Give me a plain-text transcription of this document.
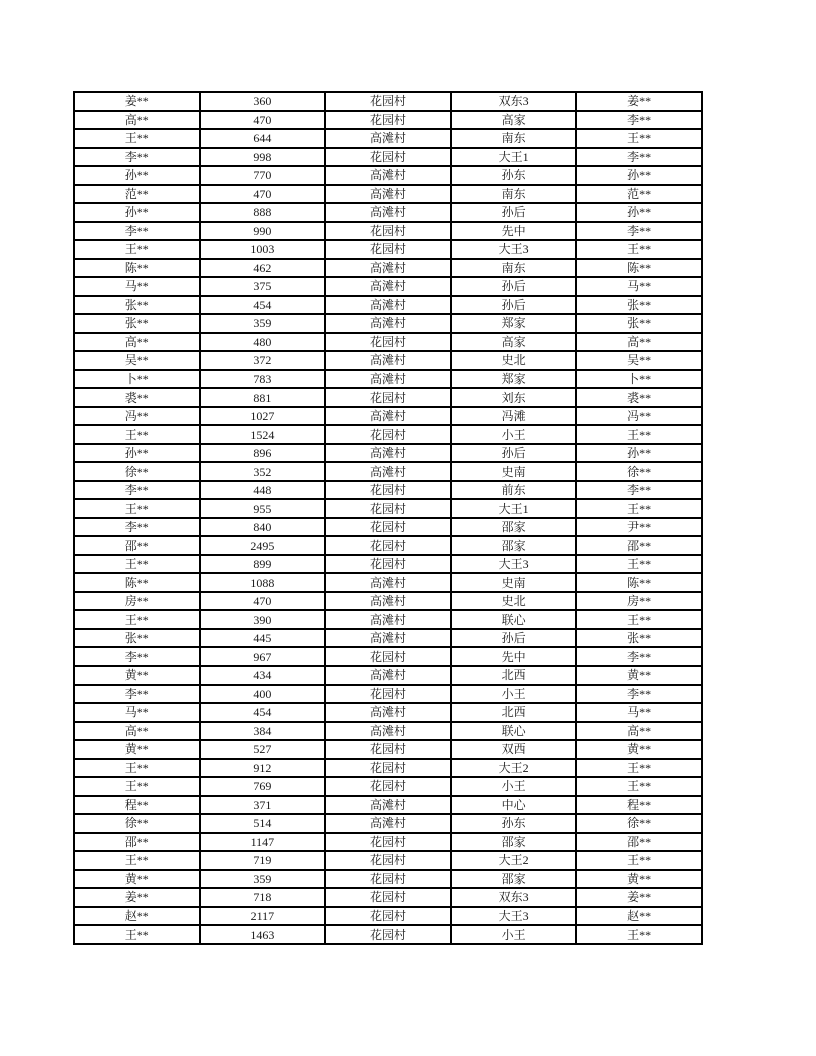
姜**	360	花园村	双东3	姜**
高**	470	花园村	高家	李**
王**	644	高滩村	南东	王**
李**	998	花园村	大王1	李**
孙**	770	高滩村	孙东	孙**
范**	470	高滩村	南东	范**
孙**	888	高滩村	孙后	孙**
李**	990	花园村	先中	李**
王**	1003	花园村	大王3	王**
陈**	462	高滩村	南东	陈**
马**	375	高滩村	孙后	马**
张**	454	高滩村	孙后	张**
张**	359	高滩村	郑家	张**
高**	480	花园村	高家	高**
吴**	372	高滩村	史北	吴**
卜**	783	高滩村	郑家	卜**
裘**	881	花园村	刘东	裘**
冯**	1027	高滩村	冯滩	冯**
王**	1524	花园村	小王	王**
孙**	896	高滩村	孙后	孙**
徐**	352	高滩村	史南	徐**
李**	448	花园村	前东	李**
王**	955	花园村	大王1	王**
李**	840	花园村	邵家	尹**
邵**	2495	花园村	邵家	邵**
王**	899	花园村	大王3	王**
陈**	1088	高滩村	史南	陈**
房**	470	高滩村	史北	房**
王**	390	高滩村	联心	王**
张**	445	高滩村	孙后	张**
李**	967	花园村	先中	李**
黄**	434	高滩村	北西	黄**
李**	400	花园村	小王	李**
马**	454	高滩村	北西	马**
高**	384	高滩村	联心	高**
黄**	527	花园村	双西	黄**
王**	912	花园村	大王2	王**
王**	769	花园村	小王	王**
程**	371	高滩村	中心	程**
徐**	514	高滩村	孙东	徐**
邵**	1147	花园村	邵家	邵**
王**	719	花园村	大王2	王**
黄**	359	花园村	邵家	黄**
姜**	718	花园村	双东3	姜**
赵**	2117	花园村	大王3	赵**
王**	1463	花园村	小王	王**
